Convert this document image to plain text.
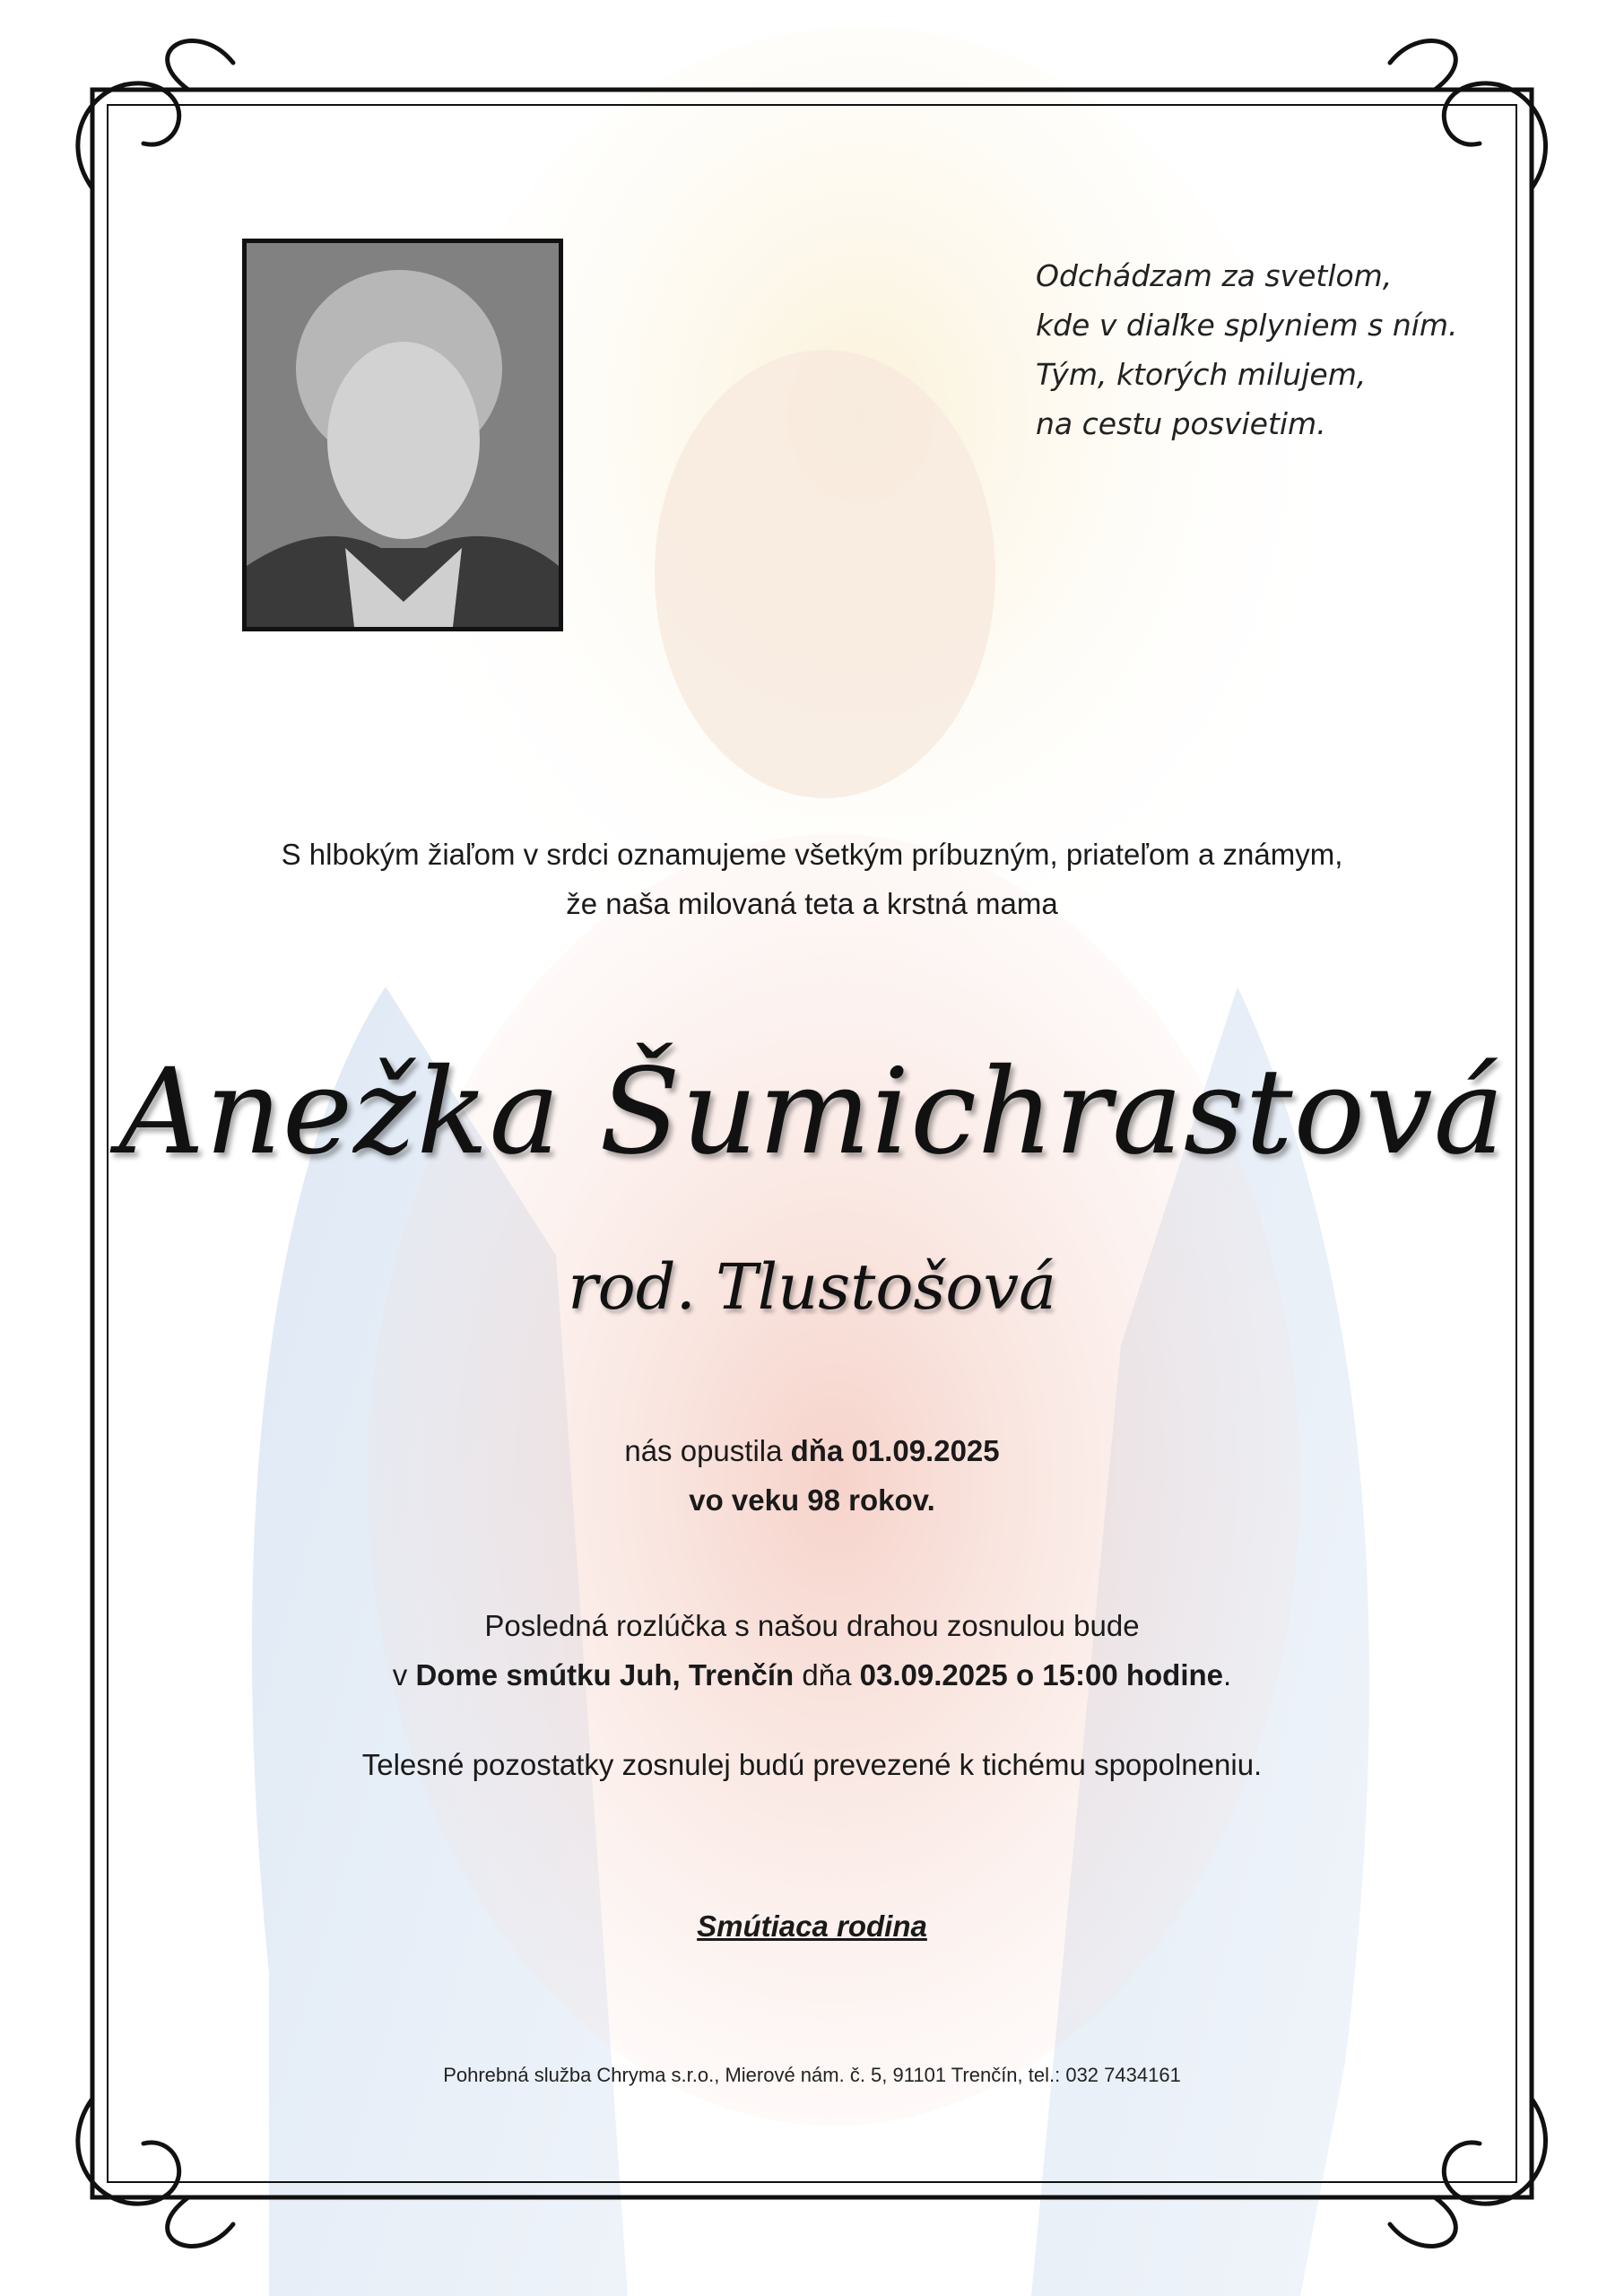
Odchádzam za svetlom,
kde v diaľke splyniem s ním.
Tým, ktorých milujem,
na cestu posvietim.
S hlbokým žiaľom v srdci oznamujeme všetkým príbuzným, priateľom a známym,
že naša milovaná teta a krstná mama
Anežka Šumichrastová
rod. Tlustošová
nás opustila dňa 01.09.2025
vo veku 98 rokov.
Posledná rozlúčka s našou drahou zosnulou bude
v Dome smútku Juh, Trenčín dňa 03.09.2025 o 15:00 hodine.
Telesné pozostatky zosnulej budú prevezené k tichému spopolneniu.
Smútiaca rodina
Pohrebná služba Chryma s.r.o., Mierové nám. č. 5, 91101 Trenčín, tel.: 032 7434161
